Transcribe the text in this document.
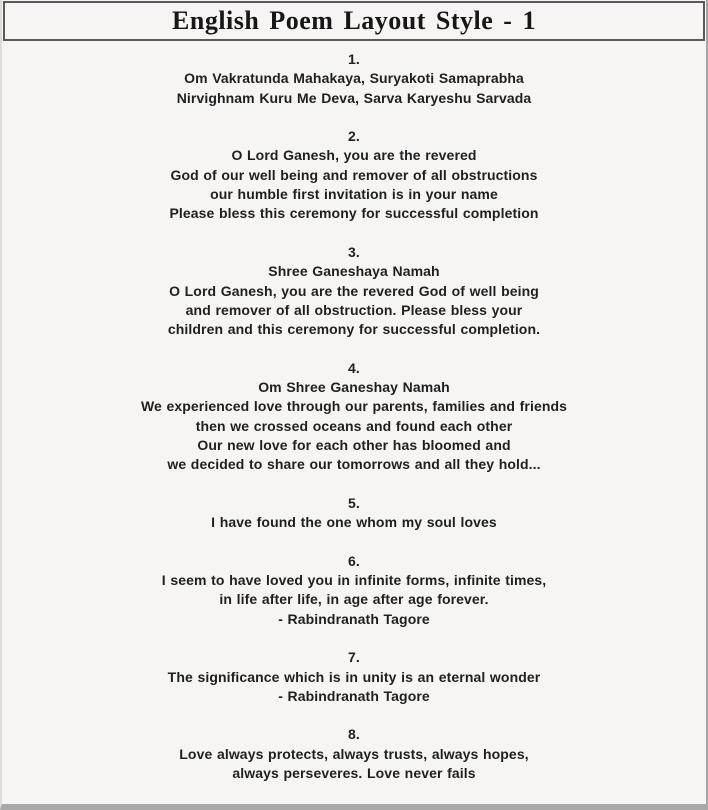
English Poem Layout Style - 1
1.
Om Vakratunda Mahakaya, Suryakoti Samaprabha
Nirvighnam Kuru Me Deva, Sarva Karyeshu Sarvada
2.
O Lord Ganesh, you are the revered
God of our well being and remover of all obstructions
our humble first invitation is in your name
Please bless this ceremony for successful completion
3.
Shree Ganeshaya Namah
O Lord Ganesh, you are the revered God of well being
and remover of all obstruction. Please bless your
children and this ceremony for successful completion.
4.
Om Shree Ganeshay Namah
We experienced love through our parents, families and friends
then we crossed oceans and found each other
Our new love for each other has bloomed and
we decided to share our tomorrows and all they hold...
5.
I have found the one whom my soul loves
6.
I seem to have loved you in infinite forms, infinite times,
in life after life, in age after age forever.
- Rabindranath Tagore
7.
The significance which is in unity is an eternal wonder
- Rabindranath Tagore
8.
Love always protects, always trusts, always hopes,
always perseveres. Love never fails
